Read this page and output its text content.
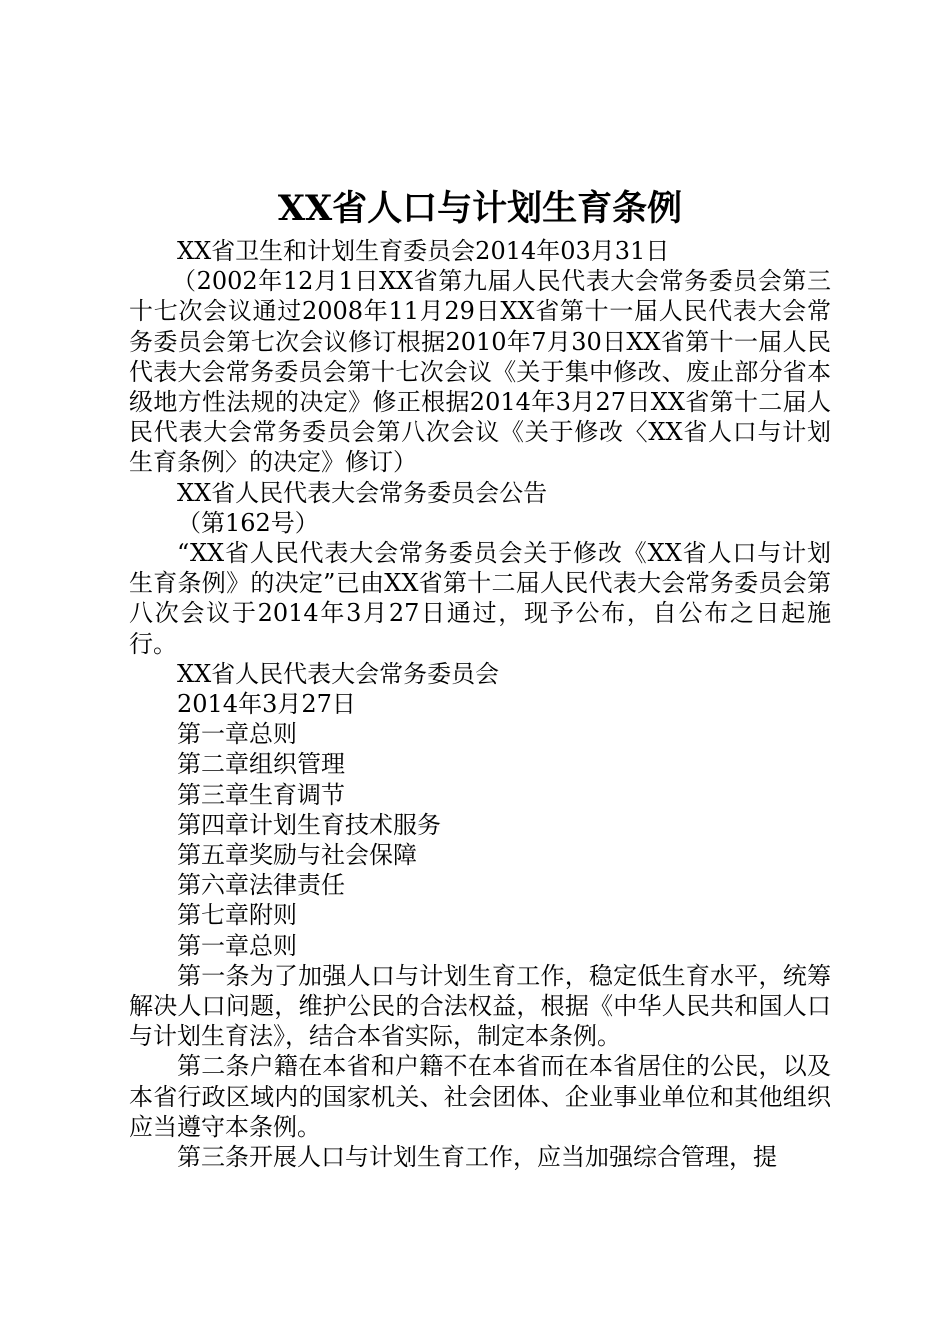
XX省人口与计划生育条例

XX省卫生和计划生育委员会2014年03月31日

（2002年12月1日XX省第九届人民代表大会常务委员会第三十七次会议通过2008年11月29日XX省第十一届人民代表大会常务委员会第七次会议修订根据2010年7月30日XX省第十一届人民代表大会常务委员会第十七次会议《关于集中修改、废止部分省本级地方性法规的决定》修正根据2014年3月27日XX省第十二届人民代表大会常务委员会第八次会议《关于修改〈XX省人口与计划生育条例〉的决定》修订）

XX省人民代表大会常务委员会公告

（第162号）

“XX省人民代表大会常务委员会关于修改《XX省人口与计划生育条例》的决定”已由XX省第十二届人民代表大会常务委员会第八次会议于2014年3月27日通过，现予公布，自公布之日起施行。

XX省人民代表大会常务委员会

2014年3月27日

第一章总则

第二章组织管理

第三章生育调节

第四章计划生育技术服务

第五章奖励与社会保障

第六章法律责任

第七章附则

第一章总则

第一条为了加强人口与计划生育工作，稳定低生育水平，统筹解决人口问题，维护公民的合法权益，根据《中华人民共和国人口与计划生育法》，结合本省实际，制定本条例。

第二条户籍在本省和户籍不在本省而在本省居住的公民，以及本省行政区域内的国家机关、社会团体、企业事业单位和其他组织应当遵守本条例。

第三条开展人口与计划生育工作，应当加强综合管理，提
